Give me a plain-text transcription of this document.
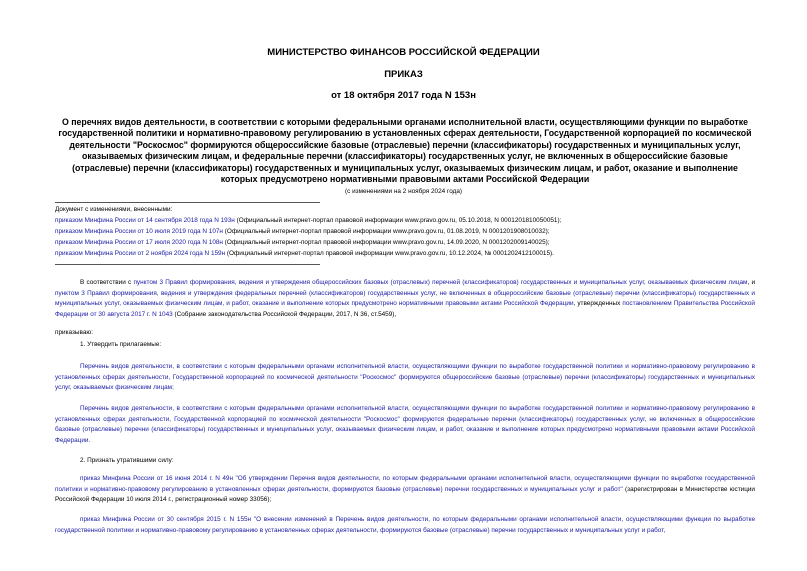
МИНИСТЕРСТВО ФИНАНСОВ РОССИЙСКОЙ ФЕДЕРАЦИИ
ПРИКАЗ
от 18 октября 2017 года N 153н
О перечнях видов деятельности, в соответствии с которыми федеральными органами исполнительной власти, осуществляющими функции по выработке государственной политики и нормативно-правовому регулированию в установленных сферах деятельности, Государственной корпорацией по космической деятельности "Роскосмос" формируются общероссийские базовые (отраслевые) перечни (классификаторы) государственных и муниципальных услуг, оказываемых физическим лицам, и федеральные перечни (классификаторы) государственных услуг, не включенных в общероссийские базовые (отраслевые) перечни (классификаторы) государственных и муниципальных услуг, оказываемых физическим лицам, и работ, оказание и выполнение которых предусмотрено нормативными правовыми актами Российской Федерации
(с изменениями на 2 ноября 2024 года)
Документ с изменениями, внесенными:
приказом Минфина России от 14 сентября 2018 года N 193н (Официальный интернет-портал правовой информации www.pravo.gov.ru, 05.10.2018, N 0001201810050051);
приказом Минфина России от 10 июля 2019 года N 107н (Официальный интернет-портал правовой информации www.pravo.gov.ru, 01.08.2019, N 0001201908010032);
приказом Минфина России от 17 июля 2020 года N 108н (Официальный интернет-портал правовой информации www.pravo.gov.ru, 14.09.2020, N 0001202009140025);
приказом Минфина России от 2 ноября 2024 года N 159н (Официальный интернет-портал правовой информации www.pravo.gov.ru, 10.12.2024, № 0001202412100015).
В соответствии с пунктом 3 Правил формирования, ведения и утверждения общероссийских базовых (отраслевых) перечней (классификаторов) государственных и муниципальных услуг, оказываемых физическим лицам, и пунктом 3 Правил формирования, ведения и утверждения федеральных перечней (классификаторов) государственных услуг, не включенных в общероссийские базовые (отраслевые) перечни (классификаторы) государственных и муниципальных услуг, оказываемых физическим лицам, и работ, оказание и выполнение которых предусмотрено нормативными правовыми актами Российской Федерации, утвержденных постановлением Правительства Российской Федерации от 30 августа 2017 г. N 1043 (Собрание законодательства Российской Федерации, 2017, N 36, ст.5459),
приказываю:
1. Утвердить прилагаемые:
Перечень видов деятельности, в соответствии с которым федеральными органами исполнительной власти, осуществляющими функции по выработке государственной политики и нормативно-правовому регулированию в установленных сферах деятельности, Государственной корпорацией по космической деятельности "Роскосмос" формируются общероссийские базовые (отраслевые) перечни (классификаторы) государственных и муниципальных услуг, оказываемых физическим лицам;
Перечень видов деятельности, в соответствии с которым федеральными органами исполнительной власти, осуществляющими функции по выработке государственной политики и нормативно-правовому регулированию в установленных сферах деятельности, Государственной корпорацией по космической деятельности "Роскосмос" формируются федеральные перечни (классификаторы) государственных услуг, не включенных в общероссийские базовые (отраслевые) перечни (классификаторы) государственных и муниципальных услуг, оказываемых физическим лицам, и работ, оказание и выполнение которых предусмотрено нормативными правовыми актами Российской Федерации.
2. Признать утратившими силу:
приказ Минфина России от 16 июня 2014 г. N 49н "Об утверждении Перечня видов деятельности, по которым федеральными органами исполнительной власти, осуществляющими функции по выработке государственной политики и нормативно-правовому регулированию в установленных сферах деятельности, формируются базовые (отраслевые) перечни государственных и муниципальных услуг и работ" (зарегистрирован в Министерстве юстиции Российской Федерации 10 июля 2014 г., регистрационный номер 33056);
приказ Минфина России от 30 сентября 2015 г. N 155н "О внесении изменений в Перечень видов деятельности, по которым федеральными органами исполнительной власти, осуществляющими функции по выработке государственной политики и нормативно-правовому регулированию в установленных сферах деятельности, формируются базовые (отраслевые) перечни государственных и муниципальных услуг и работ,
